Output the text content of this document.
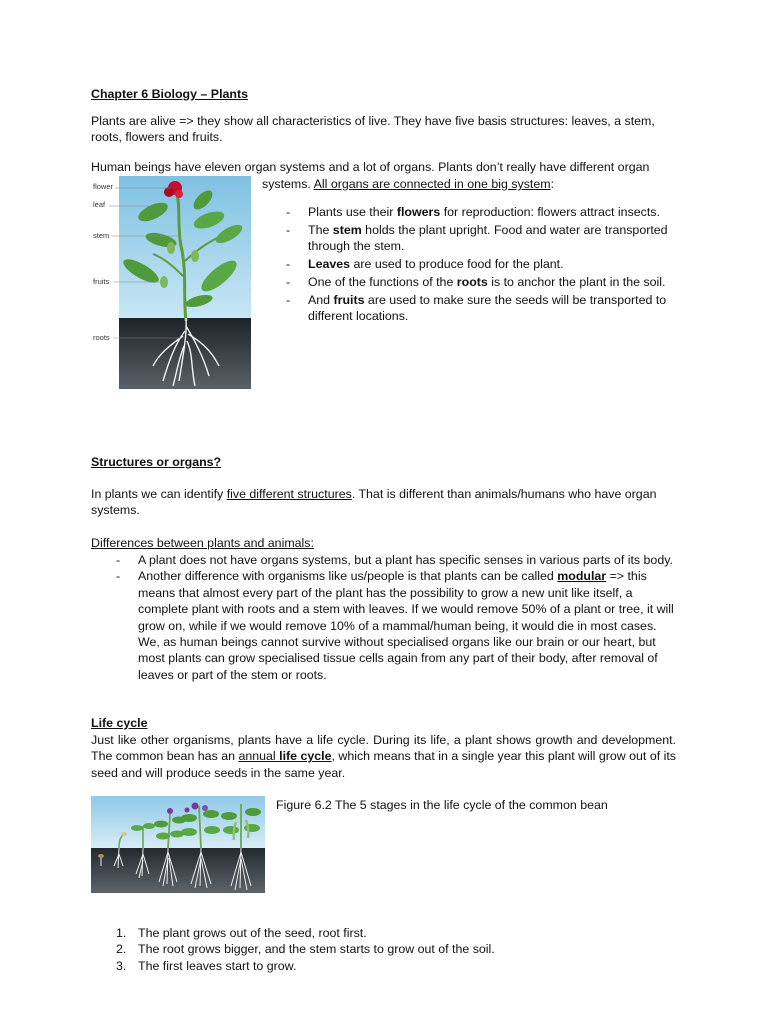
Chapter 6 Biology – Plants
Plants are alive => they show all characteristics of live. They have five basis structures: leaves, a stem, roots, flowers and fruits.
Human beings have eleven organ systems and a lot of organs. Plants don’t really have different organ
systems. All organs are connected in one big system:
flower
leaf
stem
fruits
roots
- Plants use their flowers for reproduction: flowers attract insects.
- The stem holds the plant upright. Food and water are transported through the stem.
- Leaves are used to produce food for the plant.
- One of the functions of the roots is to anchor the plant in the soil.
- And fruits are used to make sure the seeds will be transported to different locations.
Structures or organs?
In plants we can identify five different structures. That is different than animals/humans who have organ systems.
Differences between plants and animals:
- A plant does not have organs systems, but a plant has specific senses in various parts of its body.
- Another difference with organisms like us/people is that plants can be called modular => this means that almost every part of the plant has the possibility to grow a new unit like itself, a complete plant with roots and a stem with leaves. If we would remove 50% of a plant or tree, it will grow on, while if we would remove 10% of a mammal/human being, it would die in most cases. We, as human beings cannot survive without specialised organs like our brain or our heart, but most plants can grow specialised tissue cells again from any part of their body, after removal of leaves or part of the stem or roots.
Life cycle
Just like other organisms, plants have a life cycle. During its life, a plant shows growth and development. The common bean has an annual life cycle, which means that in a single year this plant will grow out of its seed and will produce seeds in the same year.
Figure 6.2 The 5 stages in the life cycle of the common bean
1. The plant grows out of the seed, root first.
2. The root grows bigger, and the stem starts to grow out of the soil.
3. The first leaves start to grow.
